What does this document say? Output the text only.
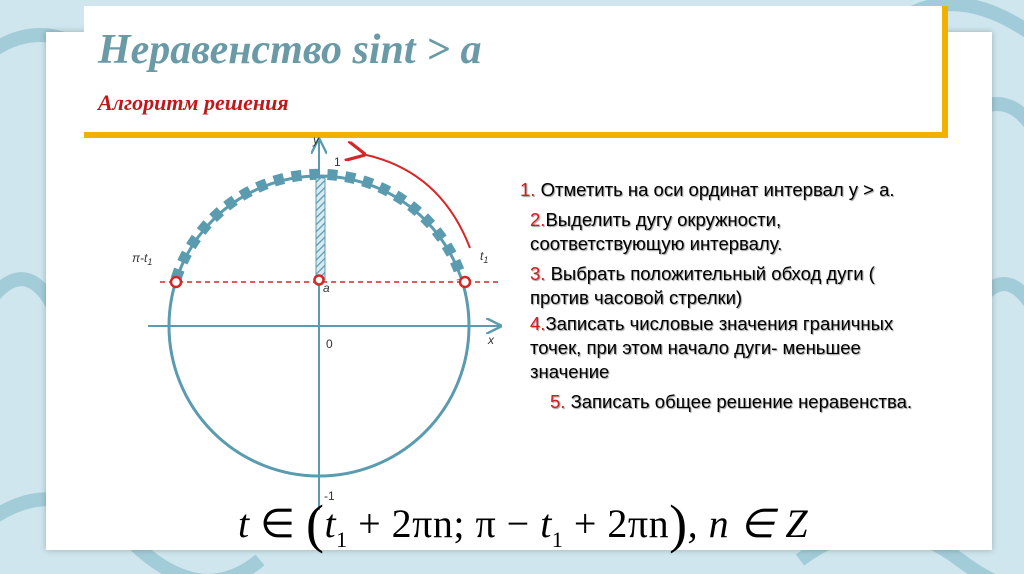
Неравенство sint > a
Алгоритм решения
y
x
1
0
-1
a
$t_1$
$\pi-t_1$

1. Отметить на оси ординат интервал y > a.

2.Выделить дугу окружности, соответствующую интервалу.

3. Выбрать положительный обход дуги ( против часовой стрелки)

4.Записать числовые значения граничных точек, при этом начало дуги- меньшее значение

5. Записать общее решение неравенства.

t ∈ ($t_1 + 2\pi n$; $\pi - t_1 + 2\pi n$), n ∈ Z
